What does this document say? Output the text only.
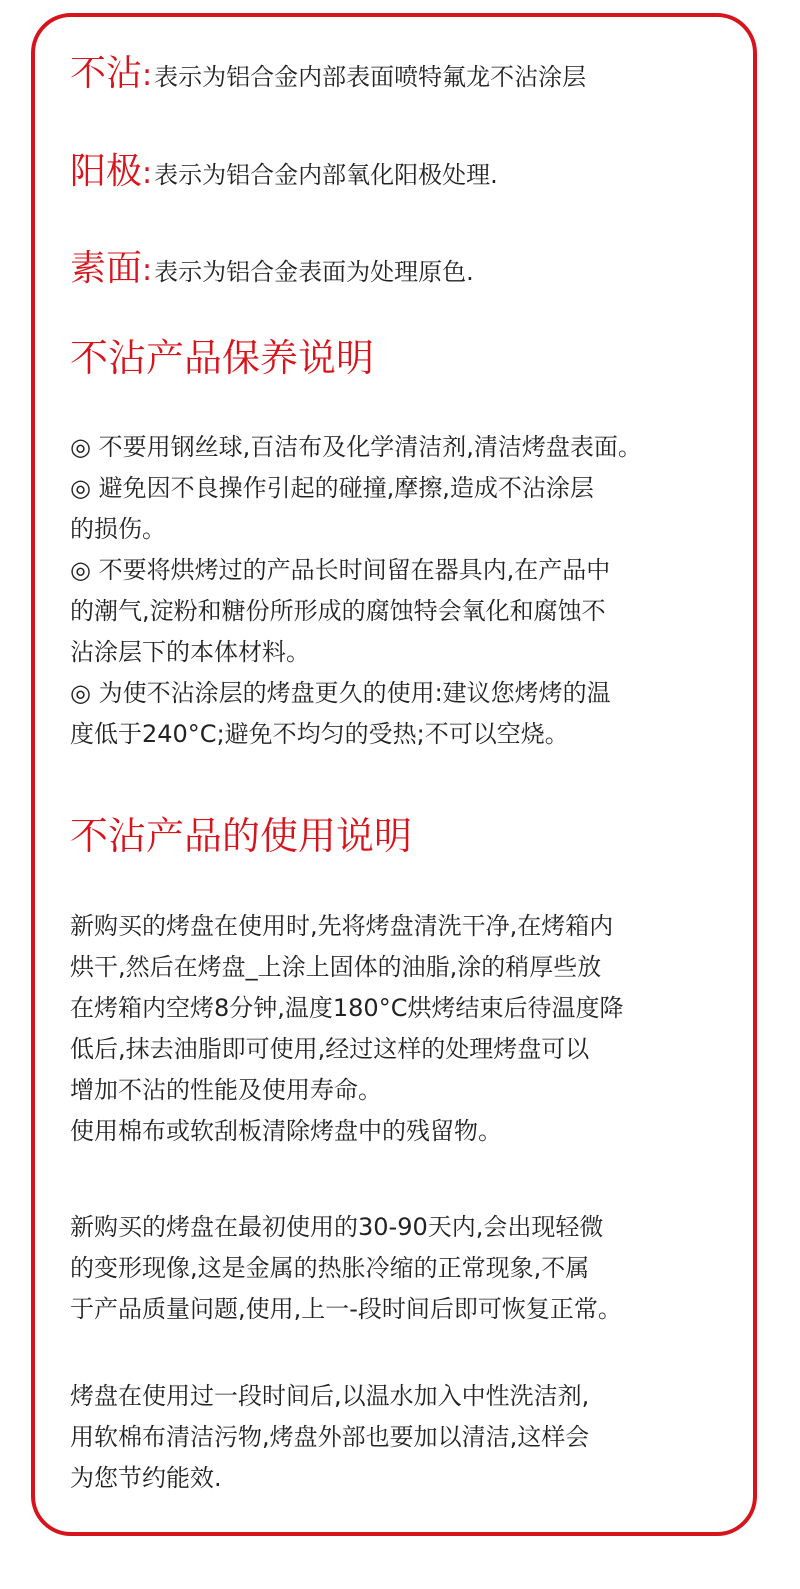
不沾 : 表示为铝合金内部表面喷特氟龙不沾涂层
阳极 : 表示为铝合金内部氧化阳极处理.
素面 : 表示为铝合金表面为处理原色.
不沾产品保养说明
◎ 不要用钢丝球,百洁布及化学清洁剂,清洁烤盘表面。
◎ 避免因不良操作引起的碰撞,摩擦,造成不沾涂层
的损伤。
◎ 不要将烘烤过的产品长时间留在器具内,在产品中
的潮气,淀粉和糖份所形成的腐蚀特会氧化和腐蚀不
沾涂层下的本体材料。
◎ 为使不沾涂层的烤盘更久的使用:建议您烤烤的温
度低于240°C;避免不均匀的受热;不可以空烧。
不沾产品的使用说明
新购买的烤盘在使用时,先将烤盘清洗干净,在烤箱内
烘干,然后在烤盘_上涂上固体的油脂,涂的稍厚些放
在烤箱内空烤8分钟,温度180°C烘烤结束后待温度降
低后,抹去油脂即可使用,经过这样的处理烤盘可以
增加不沾的性能及使用寿命。
使用棉布或软刮板清除烤盘中的残留物。
新购买的烤盘在最初使用的30-90天内,会出现轻微
的变形现像,这是金属的热胀冷缩的正常现象,不属
于产品质量问题,使用,上一-段时间后即可恢复正常。
烤盘在使用过一段时间后,以温水加入中性洗洁剂,
用软棉布清洁污物,烤盘外部也要加以清洁,这样会
为您节约能效.
